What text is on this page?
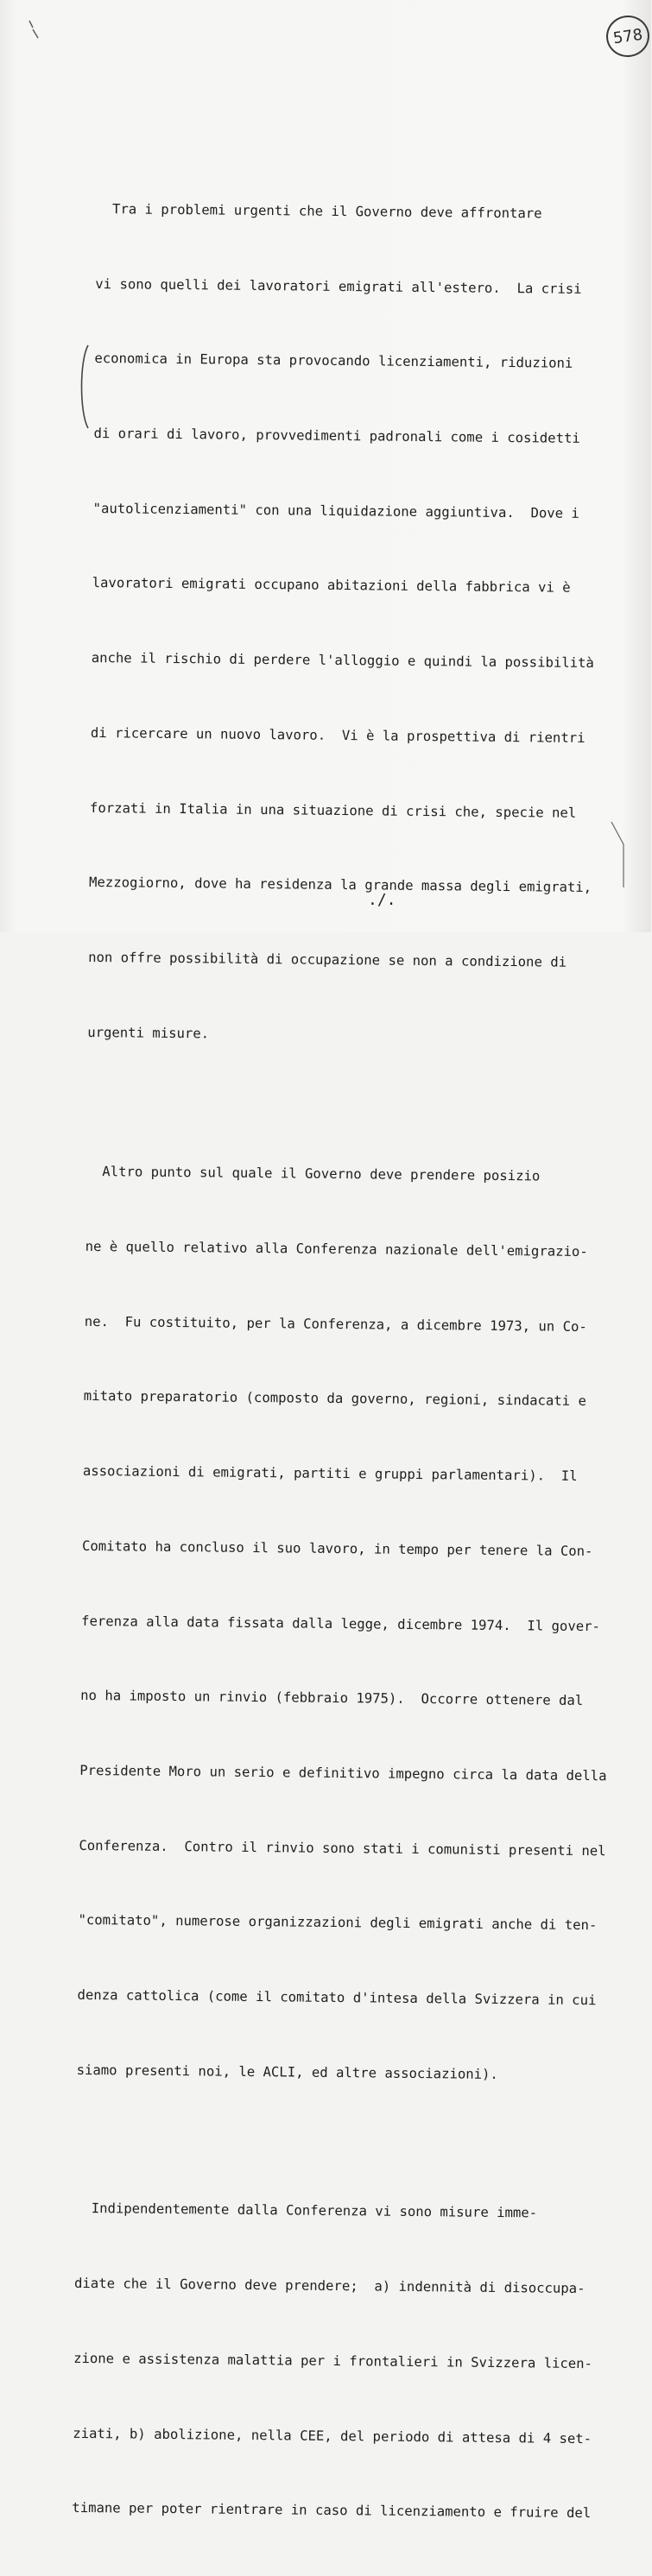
578

Tra i problemi urgenti che il Governo deve affrontare

vi sono quelli dei lavoratori emigrati all'estero.  La crisi

economica in Europa sta provocando licenziamenti, riduzioni

di orari di lavoro, provvedimenti padronali come i cosidetti

"autolicenziamenti" con una liquidazione aggiuntiva.  Dove i

lavoratori emigrati occupano abitazioni della fabbrica vi è

anche il rischio di perdere l'alloggio e quindi la possibilità

di ricercare un nuovo lavoro.  Vi è la prospettiva di rientri

forzati in Italia in una situazione di crisi che, specie nel

Mezzogiorno, dove ha residenza la grande massa degli emigrati,

non offre possibilità di occupazione se non a condizione di

urgenti misure.

Altro punto sul quale il Governo deve prendere posizio

ne è quello relativo alla Conferenza nazionale dell'emigrazio-

ne.  Fu costituito, per la Conferenza, a dicembre 1973, un Co-

mitato preparatorio (composto da governo, regioni, sindacati e

associazioni di emigrati, partiti e gruppi parlamentari).  Il

Comitato ha concluso il suo lavoro, in tempo per tenere la Con-

ferenza alla data fissata dalla legge, dicembre 1974.  Il gover-

no ha imposto un rinvio (febbraio 1975).  Occorre ottenere dal

Presidente Moro un serio e definitivo impegno circa la data della

Conferenza.  Contro il rinvio sono stati i comunisti presenti nel

"comitato", numerose organizzazioni degli emigrati anche di ten-

denza cattolica (come il comitato d'intesa della Svizzera in cui

siamo presenti noi, le ACLI, ed altre associazioni).

Indipendentemente dalla Conferenza vi sono misure imme-

diate che il Governo deve prendere;  a) indennità di disoccupa-

zione e assistenza malattia per i frontalieri in Svizzera licen-

ziati, b) abolizione, nella CEE, del periodo di attesa di 4 set-

timane per poter rientrare in caso di licenziamento e fruire del

./.
